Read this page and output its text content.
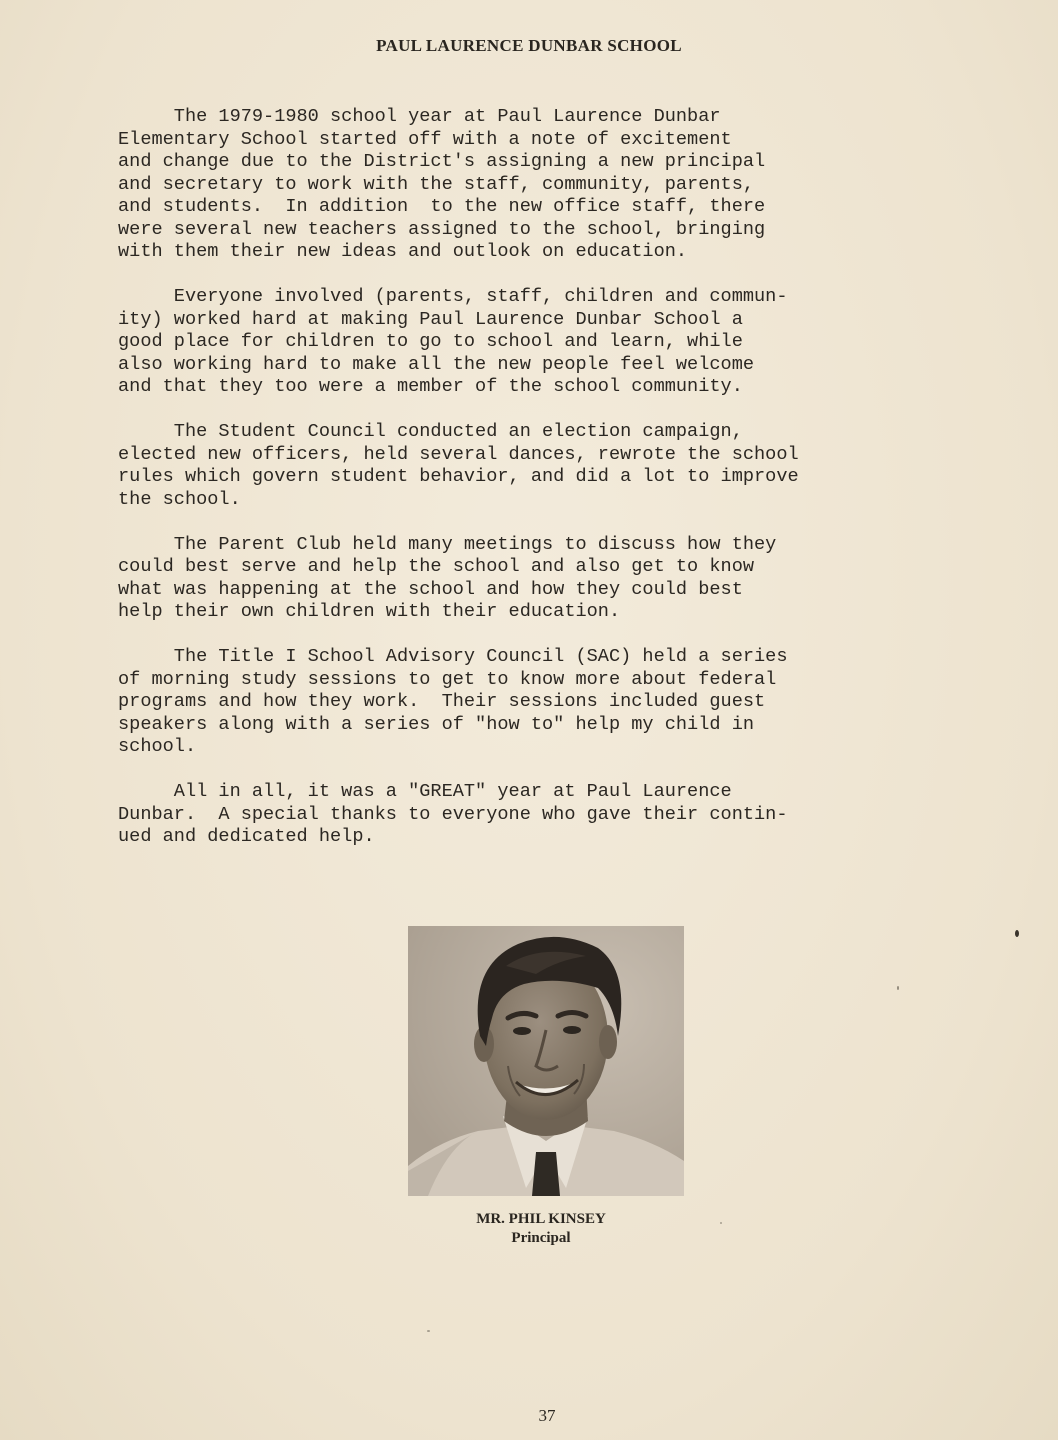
PAUL LAURENCE DUNBAR SCHOOL
The 1979-1980 school year at Paul Laurence Dunbar
Elementary School started off with a note of excitement
and change due to the District's assigning a new principal
and secretary to work with the staff, community, parents,
and students.  In addition  to the new office staff, there
were several new teachers assigned to the school, bringing
with them their new ideas and outlook on education.
Everyone involved (parents, staff, children and commun-
ity) worked hard at making Paul Laurence Dunbar School a
good place for children to go to school and learn, while
also working hard to make all the new people feel welcome
and that they too were a member of the school community.
The Student Council conducted an election campaign,
elected new officers, held several dances, rewrote the school
rules which govern student behavior, and did a lot to improve
the school.
The Parent Club held many meetings to discuss how they
could best serve and help the school and also get to know
what was happening at the school and how they could best
help their own children with their education.
The Title I School Advisory Council (SAC) held a series
of morning study sessions to get to know more about federal
programs and how they work.  Their sessions included guest
speakers along with a series of "how to" help my child in
school.
All in all, it was a "GREAT" year at Paul Laurence
Dunbar.  A special thanks to everyone who gave their contin-
ued and dedicated help.
MR. PHIL KINSEY
Principal
37
